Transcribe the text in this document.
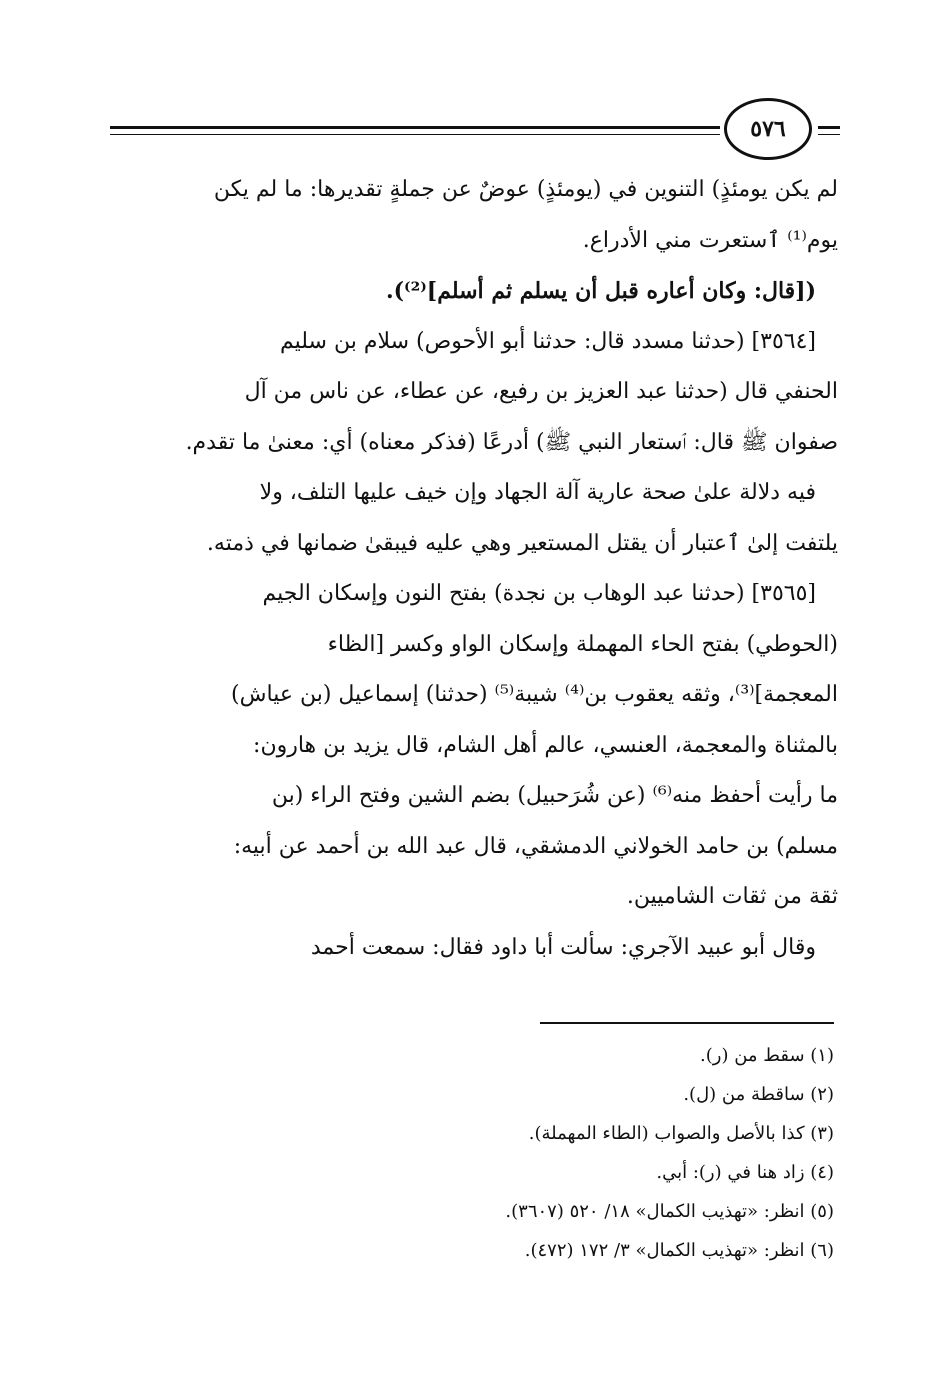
٥٧٦

لم يكن يومئذٍ) التنوين في (يومئذٍ) عوضٌ عن جملةٍ تقديرها: ما لم يكن

يوم⁽¹⁾ ٱستعرت مني الأدراع.

([قال: وكان أعاره قبل أن يسلم ثم أسلم]⁽²⁾).

[٣٥٦٤] (حدثنا مسدد قال: حدثنا أبو الأحوص) سلام بن سليم

الحنفي قال (حدثنا عبد العزيز بن رفيع، عن عطاء، عن ناس من آل

صفوان ﷺ قال: ٱستعار النبي ﷺ) أدرعًا (فذكر معناه) أي: معنىٰ ما تقدم.

فيه دلالة علىٰ صحة عارية آلة الجهاد وإن خيف عليها التلف، ولا

يلتفت إلىٰ ٱعتبار أن يقتل المستعير وهي عليه فيبقىٰ ضمانها في ذمته.

[٣٥٦٥] (حدثنا عبد الوهاب بن نجدة) بفتح النون وإسكان الجيم

(الحوطي) بفتح الحاء المهملة وإسكان الواو وكسر [الظاء

المعجمة]⁽³⁾، وثقه يعقوب بن⁽⁴⁾ شيبة⁽⁵⁾ (حدثنا) إسماعيل (بن عياش)

بالمثناة والمعجمة، العنسي، عالم أهل الشام، قال يزيد بن هارون:

ما رأيت أحفظ منه⁽⁶⁾ (عن شُرَحبيل) بضم الشين وفتح الراء (بن

مسلم) بن حامد الخولاني الدمشقي، قال عبد الله بن أحمد عن أبيه:

ثقة من ثقات الشاميين.

وقال أبو عبيد الآجري: سألت أبا داود فقال: سمعت أحمد

(١) سقط من (ر).
(٢) ساقطة من (ل).
(٣) كذا بالأصل والصواب (الطاء المهملة).
(٤) زاد هنا في (ر): أبي.
(٥) انظر: «تهذيب الكمال» ١٨/ ٥٢٠ (٣٦٠٧).
(٦) انظر: «تهذيب الكمال» ٣/ ١٧٢ (٤٧٢).
